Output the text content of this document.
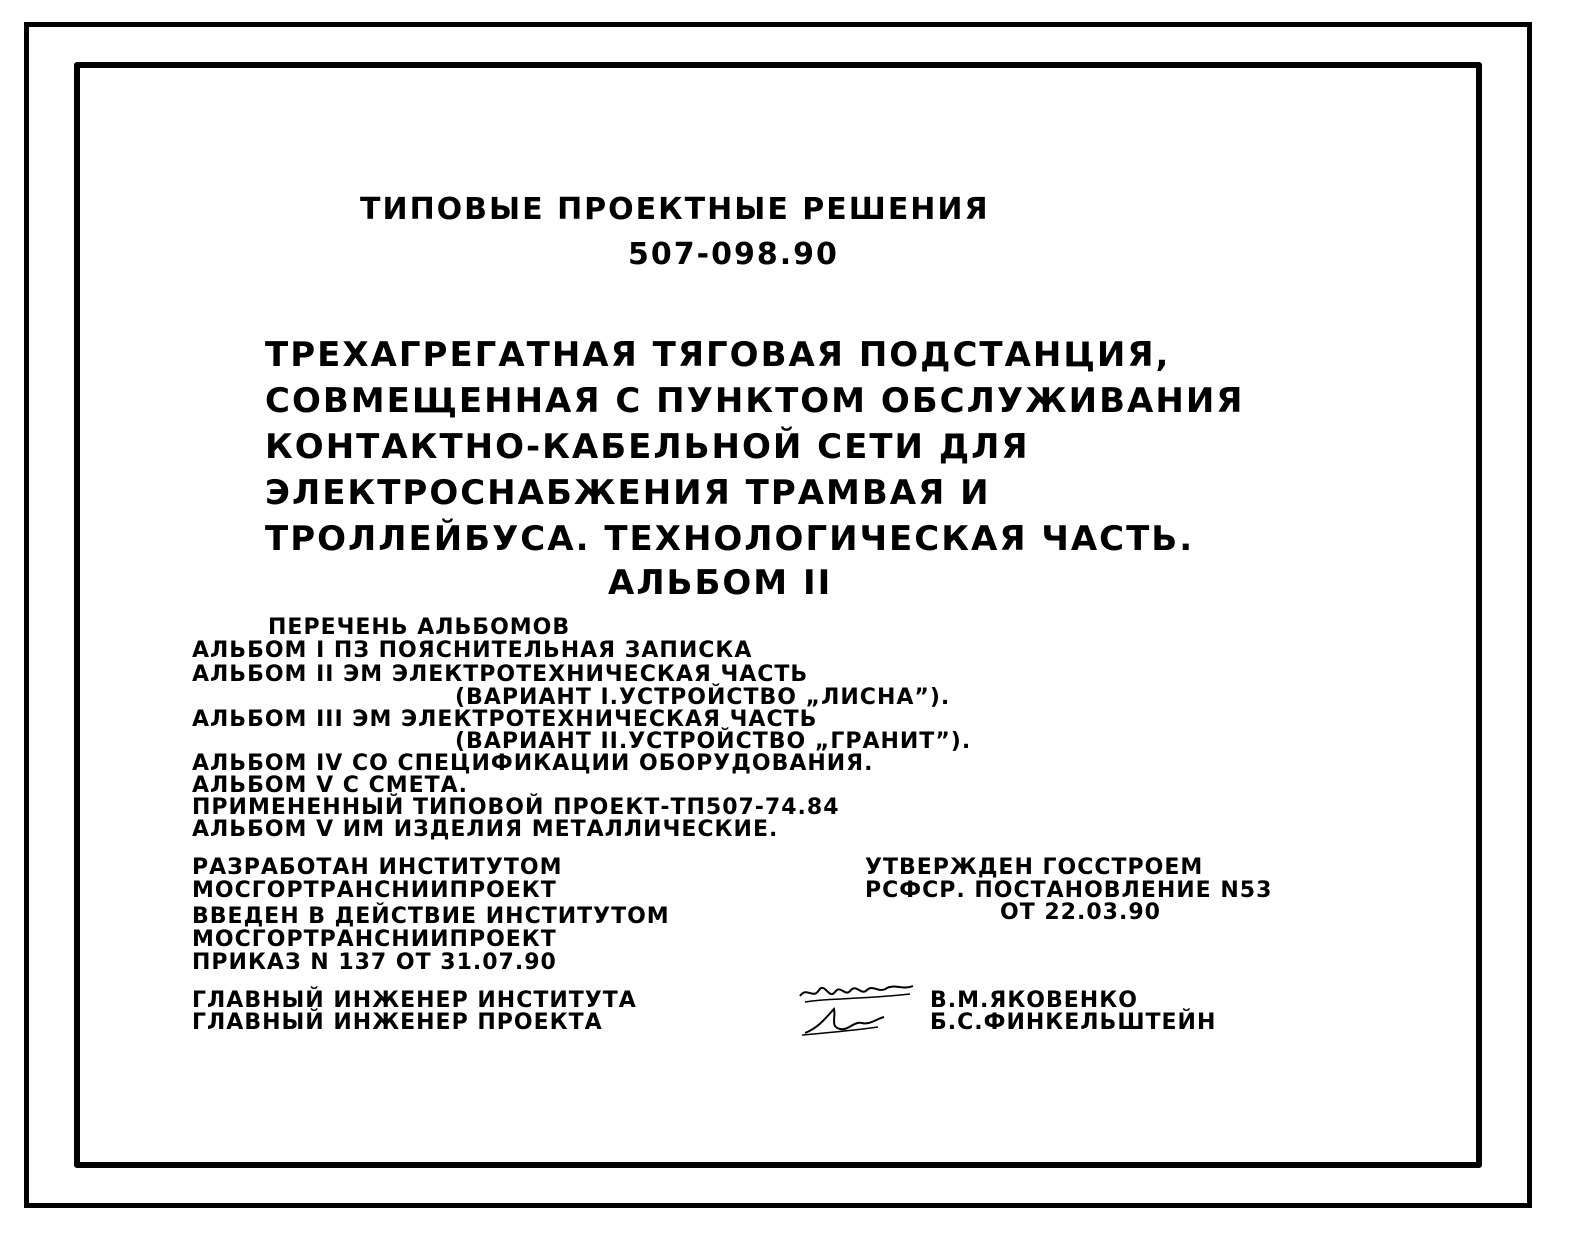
ТИПОВЫЕ ПРОЕКТНЫЕ РЕШЕНИЯ

507-098.90

ТРЕХАГРЕГАТНАЯ ТЯГОВАЯ ПОДСТАНЦИЯ,

СОВМЕЩЕННАЯ С ПУНКТОМ ОБСЛУЖИВАНИЯ

КОНТАКТНО-КАБЕЛЬНОЙ СЕТИ ДЛЯ

ЭЛЕКТРОСНАБЖЕНИЯ ТРАМВАЯ И

ТРОЛЛЕЙБУСА. ТЕХНОЛОГИЧЕСКАЯ ЧАСТЬ.

АЛЬБОМ II

ПЕРЕЧЕНЬ АЛЬБОМОВ

АЛЬБОМ I ПЗ ПОЯСНИТЕЛЬНАЯ ЗАПИСКА

АЛЬБОМ II ЭМ ЭЛЕКТРОТЕХНИЧЕСКАЯ ЧАСТЬ

(ВАРИАНТ I.УСТРОЙСТВО „ЛИСНА”).

АЛЬБОМ III ЭМ ЭЛЕКТРОТЕХНИЧЕСКАЯ ЧАСТЬ

(ВАРИАНТ II.УСТРОЙСТВО „ГРАНИТ”).

АЛЬБОМ IV СО СПЕЦИФИКАЦИИ ОБОРУДОВАНИЯ.

АЛЬБОМ V С СМЕТА.

ПРИМЕНЕННЫЙ ТИПОВОЙ ПРОЕКТ-ТП507-74.84

АЛЬБОМ V ИМ ИЗДЕЛИЯ МЕТАЛЛИЧЕСКИЕ.

РАЗРАБОТАН ИНСТИТУТОМ

МОСГОРТРАНСНИИПРОЕКТ

ВВЕДЕН В ДЕЙСТВИЕ ИНСТИТУТОМ

МОСГОРТРАНСНИИПРОЕКТ

ПРИКАЗ N 137 ОТ 31.07.90

УТВЕРЖДЕН ГОССТРОЕМ

РСФСР. ПОСТАНОВЛЕНИЕ N53

ОТ 22.03.90

ГЛАВНЫЙ ИНЖЕНЕР ИНСТИТУТА

ГЛАВНЫЙ ИНЖЕНЕР ПРОЕКТА

В.М.ЯКОВЕНКО

Б.С.ФИНКЕЛЬШТЕЙН
